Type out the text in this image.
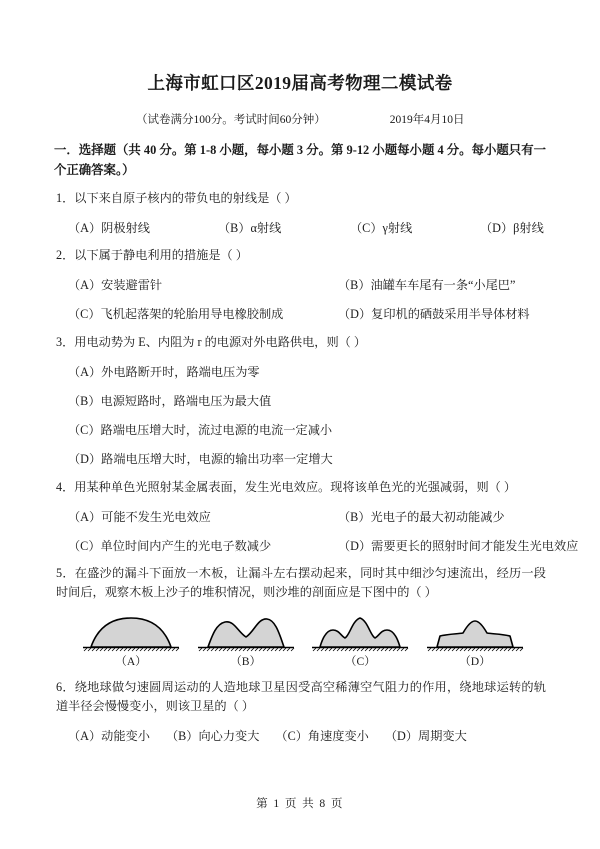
上海市虹口区2019届高考物理二模试卷
（试卷满分100分。考试时间60分钟）	2019年4月10日
一．选择题（共 40 分。第 1-8 小题，每小题 3 分。第 9-12 小题每小题 4 分。每小题只有一个正确答案。）
1．以下来自原子核内的带负电的射线是（ ）
（A）阴极射线	（B）α射线	（C）γ射线	（D）β射线
2．以下属于静电利用的措施是（ ）
（A）安装避雷针	（B）油罐车车尾有一条“小尾巴”
（C）飞机起落架的轮胎用导电橡胶制成	（D）复印机的硒鼓采用半导体材料
3．用电动势为 E、内阻为 r 的电源对外电路供电，则（ ）
（A）外电路断开时，路端电压为零
（B）电源短路时，路端电压为最大值
（C）路端电压增大时，流过电源的电流一定减小
（D）路端电压增大时，电源的输出功率一定增大
4．用某种单色光照射某金属表面，发生光电效应。现将该单色光的光强减弱，则（ ）
（A）可能不发生光电效应	（B）光电子的最大初动能减少
（C）单位时间内产生的光电子数减少	（D）需要更长的照射时间才能发生光电效应
5．在盛沙的漏斗下面放一木板，让漏斗左右摆动起来，同时其中细沙匀速流出，经历一段时间后，观察木板上沙子的堆积情况，则沙堆的剖面应是下图中的（ ）
（A）	（B）	（C）	（D）
6．绕地球做匀速圆周运动的人造地球卫星因受高空稀薄空气阻力的作用，绕地球运转的轨道半径会慢慢变小，则该卫星的（ ）
（A）动能变小 （B）向心力变大 （C）角速度变小 （D）周期变大
第 1 页 共 8 页
